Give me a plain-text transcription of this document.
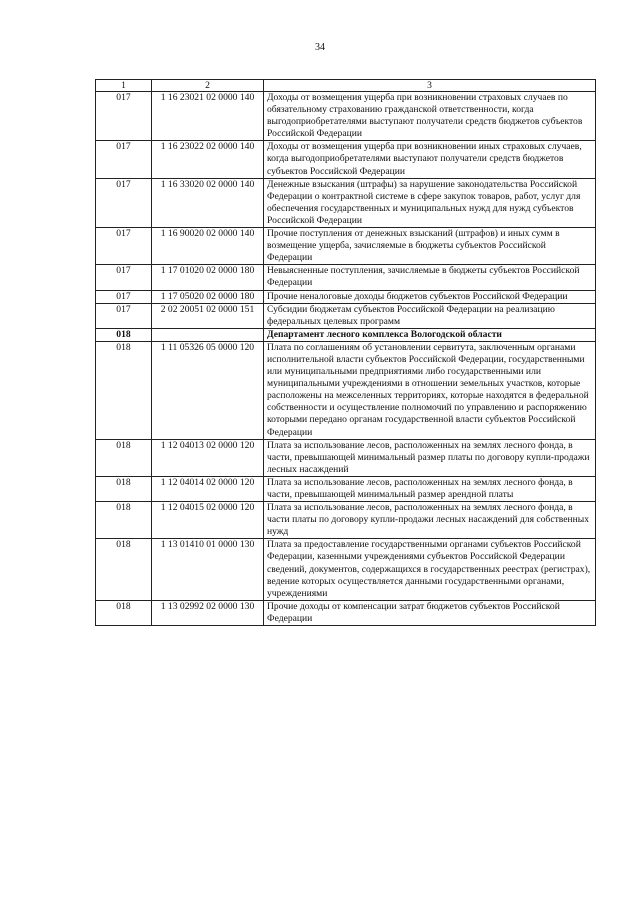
34
1	2	3
017	1 16 23021 02 0000 140	Доходы от возмещения ущерба при возникновении страховых случаев по обязательному страхованию гражданской ответственности, когда выгодоприобретателями выступают получатели средств бюджетов субъектов Российской Федерации
017	1 16 23022 02 0000 140	Доходы от возмещения ущерба при возникновении иных страховых случаев, когда выгодоприобретателями выступают получатели средств бюджетов субъектов Российской Федерации
017	1 16 33020 02 0000 140	Денежные взыскания (штрафы) за нарушение законодательства Российской Федерации о контрактной системе в сфере закупок товаров, работ, услуг для обеспечения государственных и муниципальных нужд для нужд субъектов Российской Федерации
017	1 16 90020 02 0000 140	Прочие поступления от денежных взысканий (штрафов) и иных сумм в возмещение ущерба, зачисляемые в бюджеты субъектов Российской Федерации
017	1 17 01020 02 0000 180	Невыясненные поступления, зачисляемые в бюджеты субъектов Российской Федерации
017	1 17 05020 02 0000 180	Прочие неналоговые доходы бюджетов субъектов Российской Федерации
017	2 02 20051 02 0000 151	Субсидии бюджетам субъектов Российской Федерации на реализацию федеральных целевых программ
018		Департамент лесного комплекса Вологодской области
018	1 11 05326 05 0000 120	Плата по соглашениям об установлении сервитута, заключенным органами исполнительной власти субъектов Российской Федерации, государственными или муниципальными предприятиями либо государственными или муниципальными учреждениями в отношении земельных участков, которые расположены на межселенных территориях, которые находятся в федеральной собственности и осуществление полномочий по управлению и распоряжению которыми передано органам государственной власти субъектов Российской Федерации
018	1 12 04013 02 0000 120	Плата за использование лесов, расположенных на землях лесного фонда, в части, превышающей минимальный размер платы по договору купли-продажи лесных насаждений
018	1 12 04014 02 0000 120	Плата за использование лесов, расположенных на землях лесного фонда, в части, превышающей минимальный размер арендной платы
018	1 12 04015 02 0000 120	Плата за использование лесов, расположенных на землях лесного фонда, в части платы по договору купли-продажи лесных насаждений для собственных нужд
018	1 13 01410 01 0000 130	Плата за предоставление государственными органами субъектов Российской Федерации, казенными учреждениями субъектов Российской Федерации сведений, документов, содержащихся в государственных реестрах (регистрах), ведение которых осуществляется данными государственными органами, учреждениями
018	1 13 02992 02 0000 130	Прочие доходы от компенсации затрат бюджетов субъектов Российской Федерации
